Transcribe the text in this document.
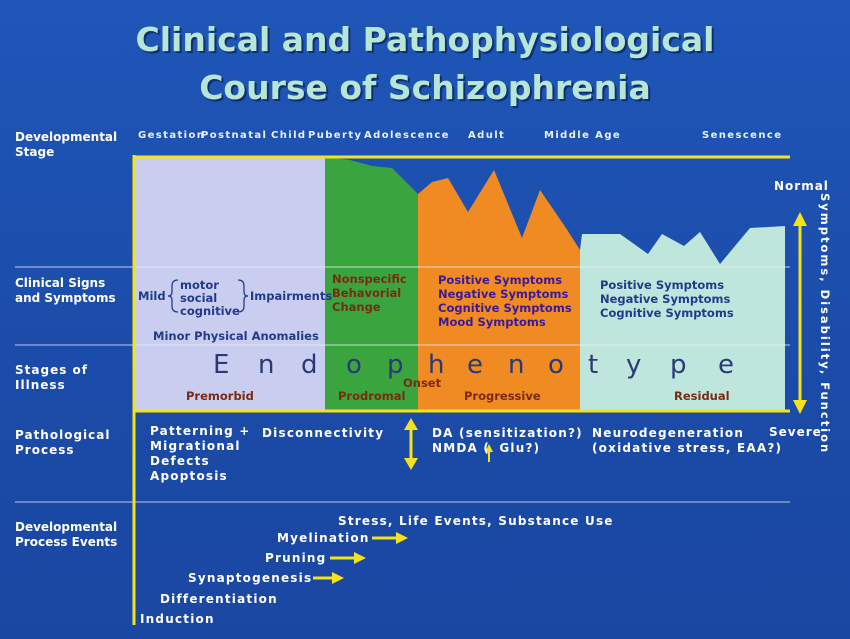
Clinical and Pathophysiological
Course of Schizophrenia
Developmental
Stage
Clinical Signs
and Symptoms
Stages of
Illness
Pathological
Process
Developmental
Process Events
Gestation
Postnatal Child Puberty Adolescence Adult	Middle Age	Senescence
Normal
Severe
Symptoms, Disability, Function
Mild
motor
social
cognitive
Impairments
Minor Physical Anomalies
Nonspecific
Behavorial
Change
Positive Symptoms
Negative Symptoms
Cognitive Symptoms
Mood Symptoms
Positive Symptoms
Negative Symptoms
Cognitive Symptoms
E n d o p h e n o t y p e
Premorbid	Prodromal
Onset
Progressive	Residual
Patterning +
Migrational
Defects
Apoptosis
Disconnectivity	DA (sensitization?)
NMDA ( Glu?)
Neurodegeneration
(oxidative stress, EAA?)
Stress, Life Events, Substance Use
Myelination
Pruning
Synaptogenesis
Differentiation
Induction
